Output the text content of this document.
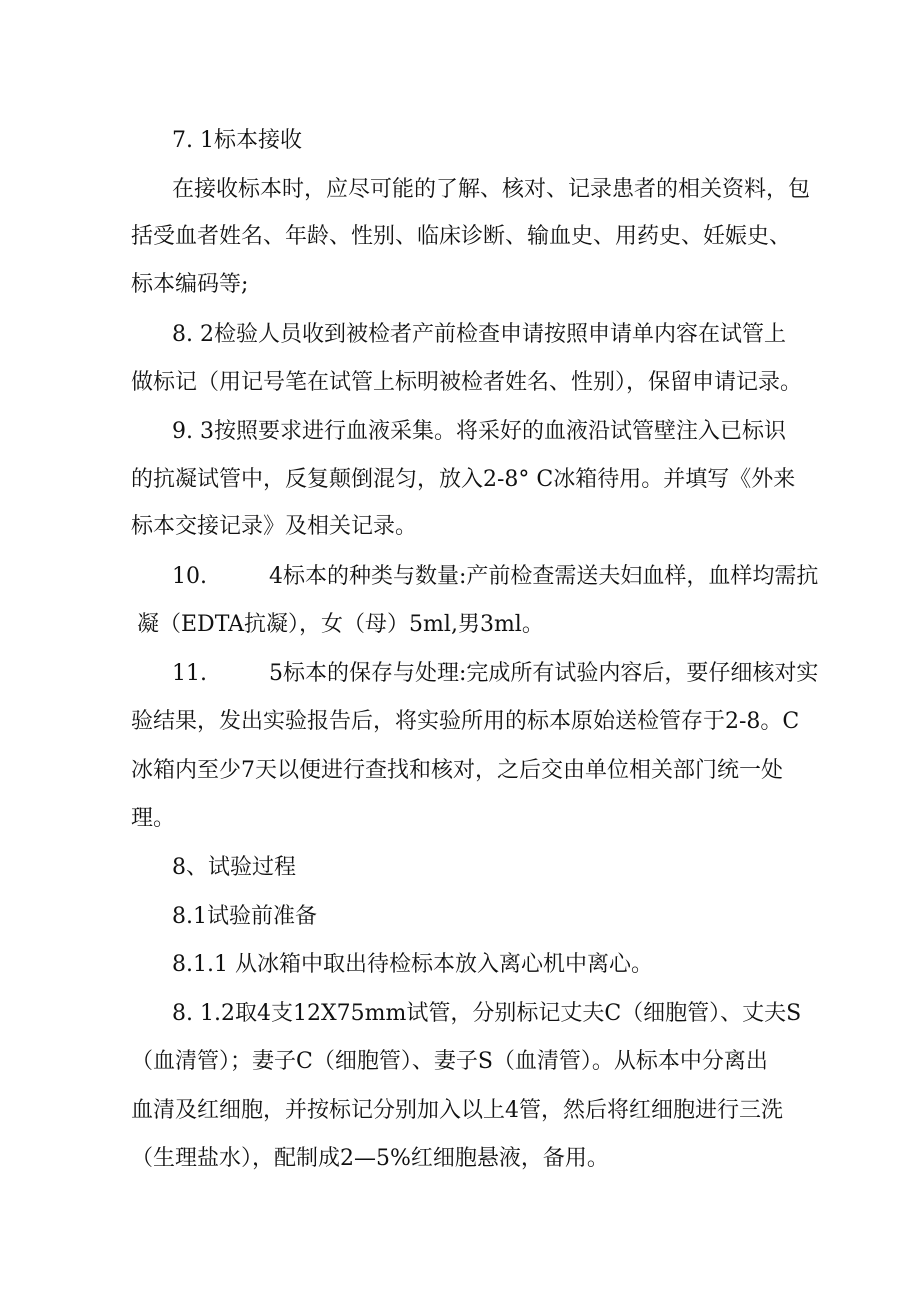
7. 1标本接收
在接收标本时，应尽可能的了解、核对、记录患者的相关资料，包
括受血者姓名、年龄、性别、临床诊断、输血史、用药史、妊娠史、
标本编码等;
8. 2检验人员收到被检者产前检查申请按照申请单内容在试管上
做标记（用记号笔在试管上标明被检者姓名、性别），保留申请记录。
9. 3按照要求进行血液采集。将采好的血液沿试管壁注入已标识
的抗凝试管中，反复颠倒混匀，放入2-8° C冰箱待用。并填写《外来
标本交接记录》及相关记录。
10.	4标本的种类与数量:产前检查需送夫妇血样，血样均需抗
凝（EDTA抗凝），女（母）5ml,男3ml。
11.	5标本的保存与处理:完成所有试验内容后，要仔细核对实
验结果，发出实验报告后，将实验所用的标本原始送检管存于2-8。C
冰箱内至少7天以便进行查找和核对，之后交由单位相关部门统一处
理。
8、试验过程
8.1试验前准备
8.1.1 从冰箱中取出待检标本放入离心机中离心。
8. 1.2取4支12X75mm试管，分别标记丈夫C（细胞管）、丈夫S
（血清管）；妻子C（细胞管）、妻子S（血清管）。从标本中分离出
血清及红细胞，并按标记分别加入以上4管，然后将红细胞进行三洗
（生理盐水），配制成2—5%红细胞悬液，备用。
